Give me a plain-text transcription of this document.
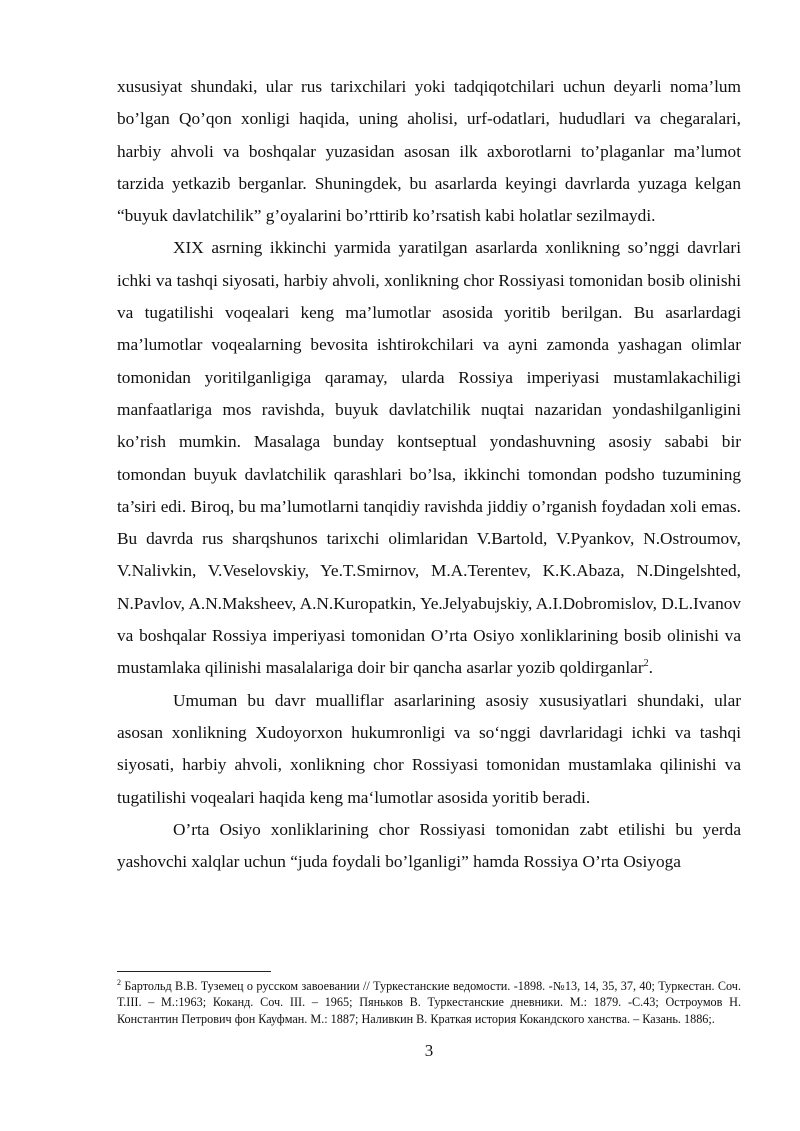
xususiyat shundaki, ular rus tarixchilari yoki tadqiqotchilari uchun deyarli noma’lum bo’lgan Qo’qon xonligi haqida, uning aholisi, urf-odatlari, hududlari va chegaralari, harbiy ahvoli va boshqalar yuzasidan asosan ilk axborotlarni to’plaganlar ma’lumot tarzida yetkazib berganlar. Shuningdek, bu asarlarda keyingi davrlarda yuzaga kelgan “buyuk davlatchilik” g’oyalarini bo’rttirib ko’rsatish kabi holatlar sezilmaydi.

XIX asrning ikkinchi yarmida yaratilgan asarlarda xonlikning so’nggi davrlari ichki va tashqi siyosati, harbiy ahvoli, xonlikning chor Rossiyasi tomonidan bosib olinishi va tugatilishi voqealari keng ma’lumotlar asosida yoritib berilgan. Bu asarlardagi ma’lumotlar voqealarning bevosita ishtirokchilari va ayni zamonda yashagan olimlar tomonidan yoritilganligiga qaramay, ularda Rossiya imperiyasi mustamlakachiligi manfaatlariga mos ravishda, buyuk davlatchilik nuqtai nazaridan yondashilganligini ko’rish mumkin. Masalaga bunday kontseptual yondashuvning asosiy sababi bir tomondan buyuk davlatchilik qarashlari bo’lsa, ikkinchi tomondan podsho tuzumining ta’siri edi. Biroq, bu ma’lumotlarni tanqidiy ravishda jiddiy o’rganish foydadan xoli emas. Bu davrda rus sharqshunos tarixchi olimlaridan V.Bartold, V.Pyankov, N.Ostroumov, V.Nalivkin, V.Veselovskiy, Ye.T.Smirnov, M.A.Terentev, K.K.Abaza, N.Dingelshted, N.Pavlov, A.N.Maksheev, A.N.Kuropatkin, Ye.Jelyabujskiy, A.I.Dobromislov, D.L.Ivanov va boshqalar Rossiya imperiyasi tomonidan O’rta Osiyo xonliklarining bosib olinishi va mustamlaka qilinishi masalalariga doir bir qancha asarlar yozib qoldirganlar$^2$.

Umuman bu davr mualliflar asarlarining asosiy xususiyatlari shundaki, ular asosan xonlikning Xudoyorxon hukumronligi va so‘nggi davrlaridagi ichki va tashqi siyosati, harbiy ahvoli, xonlikning chor Rossiyasi tomonidan mustamlaka qilinishi va tugatilishi voqealari haqida keng ma‘lumotlar asosida yoritib beradi.

O’rta Osiyo xonliklarining chor Rossiyasi tomonidan zabt etilishi bu yerda yashovchi xalqlar uchun “juda foydali bo’lganligi” hamda Rossiya O’rta Osiyoga

$^2$ Бартольд В.В. Туземец о русском завоевании // Туркестанские ведомости. -1898. -№13, 14, 35, 37, 40; Туркестан. Соч. Т.III. – М.:1963; Коканд. Соч. III. – 1965; Пяньков В. Туркестанские дневники. М.: 1879. -С.43; Остроумов Н. Константин Петрович фон Кауфман. М.: 1887; Наливкин В. Краткая история Кокандского ханства. – Казань. 1886;.

3
